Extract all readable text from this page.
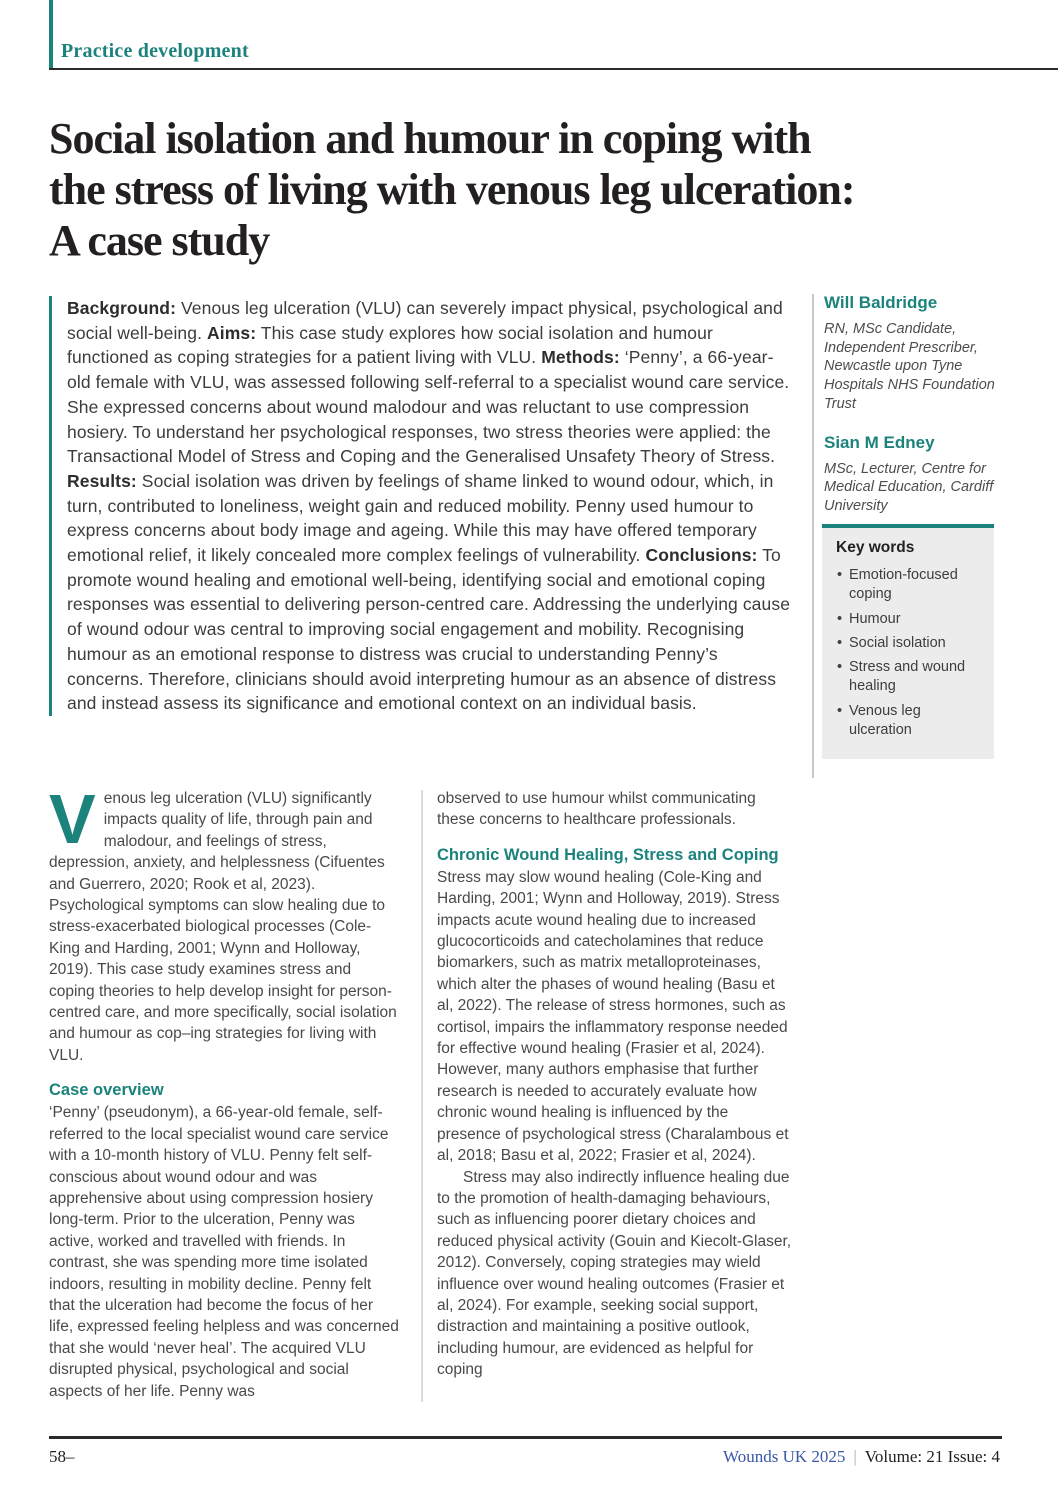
Practice development
Social isolation and humour in coping with
the stress of living with venous leg ulceration:
A case study

Background: Venous leg ulceration (VLU) can severely impact physical, psychological and social well-being. Aims: This case study explores how social isolation and humour functioned as coping strategies for a patient living with VLU. Methods: ‘Penny’, a 66-year-old female with VLU, was assessed following self-referral to a specialist wound care service. She expressed concerns about wound malodour and was reluctant to use compression hosiery. To understand her psychological responses, two stress theories were applied: the Transactional Model of Stress and Coping and the Generalised Unsafety Theory of Stress. Results: Social isolation was driven by feelings of shame linked to wound odour, which, in turn, contributed to loneliness, weight gain and reduced mobility. Penny used humour to express concerns about body image and ageing. While this may have offered temporary emotional relief, it likely concealed more complex feelings of vulnerability. Conclusions: To promote wound healing and emotional well-being, identifying social and emotional coping responses was essential to delivering person-centred care. Addressing the underlying cause of wound odour was central to improving social engagement and mobility. Recognising humour as an emotional response to distress was crucial to understanding Penny’s concerns. Therefore, clinicians should avoid interpreting humour as an absence of distress and instead assess its significance and emotional context on an individual basis.

Will Baldridge

RN, MSc Candidate, Independent Prescriber, Newcastle upon Tyne Hospitals NHS Foundation Trust

Sian M Edney

MSc, Lecturer, Centre for Medical Education, Cardiff University

Key words
• Emotion-focused coping
• Humour
• Social isolation
• Stress and wound healing
• Venous leg ulceration

Venous leg ulceration (VLU) significantly impacts quality of life, through pain and malodour, and feelings of stress, depression, anxiety, and helplessness (Cifuentes and Guerrero, 2020; Rook et al, 2023). Psychological symptoms can slow healing due to stress-exacerbated biological processes (Cole-King and Harding, 2001; Wynn and Holloway, 2019). This case study examines stress and coping theories to help develop insight for person-centred care, and more specifically, social isolation and humour as cop–ing strategies for living with VLU.

Case overview

‘Penny’ (pseudonym), a 66-year-old female, self-referred to the local specialist wound care service with a 10-month history of VLU. Penny felt self-conscious about wound odour and was apprehensive about using compression hosiery long-term. Prior to the ulceration, Penny was active, worked and travelled with friends. In contrast, she was spending more time isolated indoors, resulting in mobility decline. Penny felt that the ulceration had become the focus of her life, expressed feeling helpless and was concerned that she would ‘never heal’. The acquired VLU disrupted physical, psychological and social aspects of her life. Penny was

observed to use humour whilst communicating these concerns to healthcare professionals.

Chronic Wound Healing, Stress and Coping

Stress may slow wound healing (Cole-King and Harding, 2001; Wynn and Holloway, 2019). Stress impacts acute wound healing due to increased glucocorticoids and catecholamines that reduce biomarkers, such as matrix metalloproteinases, which alter the phases of wound healing (Basu et al, 2022). The release of stress hormones, such as cortisol, impairs the inflammatory response needed for effective wound healing (Frasier et al, 2024). However, many authors emphasise that further research is needed to accurately evaluate how chronic wound healing is influenced by the presence of psychological stress (Charalambous et al, 2018; Basu et al, 2022; Frasier et al, 2024).

Stress may also indirectly influence healing due to the promotion of health-damaging behaviours, such as influencing poorer dietary choices and reduced physical activity (Gouin and Kiecolt-Glaser, 2012). Conversely, coping strategies may wield influence over wound healing outcomes (Frasier et al, 2024). For example, seeking social support, distraction and maintaining a positive outlook, including humour, are evidenced as helpful for coping

58–	Wounds UK 2025 | Volume: 21 Issue: 4
